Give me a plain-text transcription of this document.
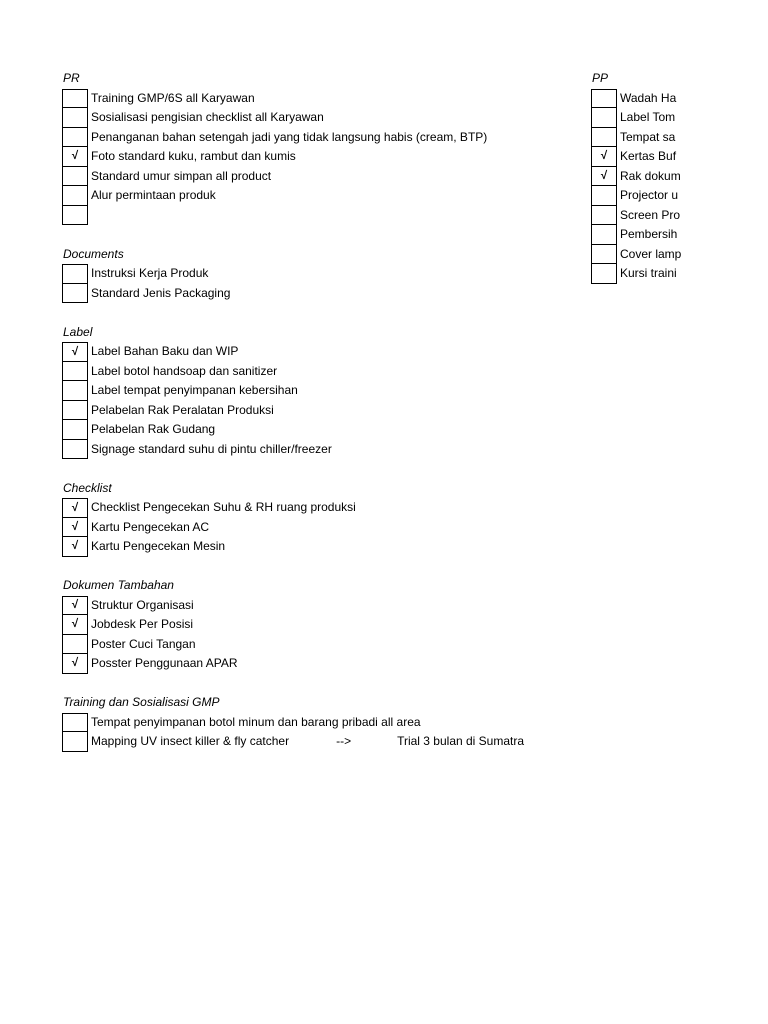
PR
Training GMP/6S all Karyawan
Sosialisasi pengisian checklist all Karyawan
Penanganan bahan setengah jadi yang tidak langsung habis (cream, BTP)
√	Foto standard kuku, rambut dan kumis
Standard umur simpan all product
Alur permintaan produk
Documents
Instruksi Kerja Produk
Standard Jenis Packaging
Label
√	Label Bahan Baku dan WIP
Label botol handsoap dan sanitizer
Label tempat penyimpanan kebersihan
Pelabelan Rak Peralatan Produksi
Pelabelan Rak Gudang
Signage standard suhu di pintu chiller/freezer
Checklist
√	Checklist Pengecekan Suhu & RH ruang produksi
√	Kartu Pengecekan AC
√	Kartu Pengecekan Mesin
Dokumen Tambahan
√	Struktur Organisasi
√	Jobdesk Per Posisi
Poster Cuci Tangan
√	Posster Penggunaan APAR
Training dan Sosialisasi GMP
Tempat penyimpanan botol minum dan barang pribadi all area
Mapping UV insect killer & fly catcher	-->	Trial 3 bulan di Sumatra
PP
Wadah Ha
Label Tom
Tempat sa
√	Kertas Buf
√	Rak dokum
Projector u
Screen Pro
Pembersih
Cover lamp
Kursi traini
